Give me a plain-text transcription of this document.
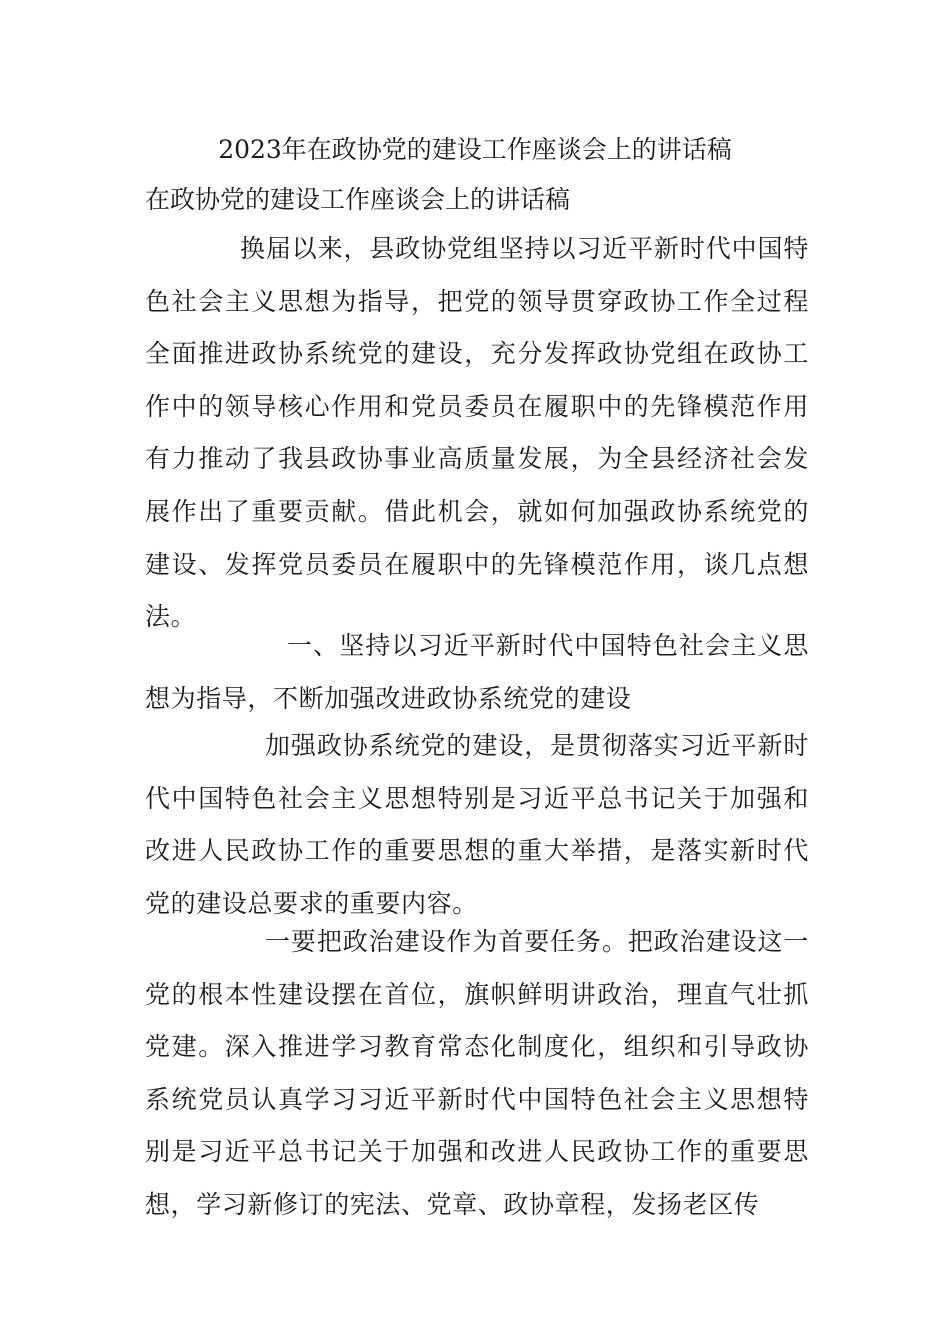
2023年在政协党的建设工作座谈会上的讲话稿
在政协党的建设工作座谈会上的讲话稿

换届以来，县政协党组坚持以习近平新时代中国特色社会主义思想为指导，把党的领导贯穿政协工作全过程全面推进政协系统党的建设，充分发挥政协党组在政协工作中的领导核心作用和党员委员在履职中的先锋模范作用有力推动了我县政协事业高质量发展，为全县经济社会发展作出了重要贡献。借此机会，就如何加强政协系统党的建设、发挥党员委员在履职中的先锋模范作用，谈几点想法。

一、坚持以习近平新时代中国特色社会主义思想为指导，不断加强改进政协系统党的建设

加强政协系统党的建设，是贯彻落实习近平新时代中国特色社会主义思想特别是习近平总书记关于加强和改进人民政协工作的重要思想的重大举措，是落实新时代党的建设总要求的重要内容。

一要把政治建设作为首要任务。把政治建设这一党的根本性建设摆在首位，旗帜鲜明讲政治，理直气壮抓党建。深入推进学习教育常态化制度化，组织和引导政协系统党员认真学习习近平新时代中国特色社会主义思想特别是习近平总书记关于加强和改进人民政协工作的重要思想，学习新修订的宪法、党章、政协章程，发扬老区传
